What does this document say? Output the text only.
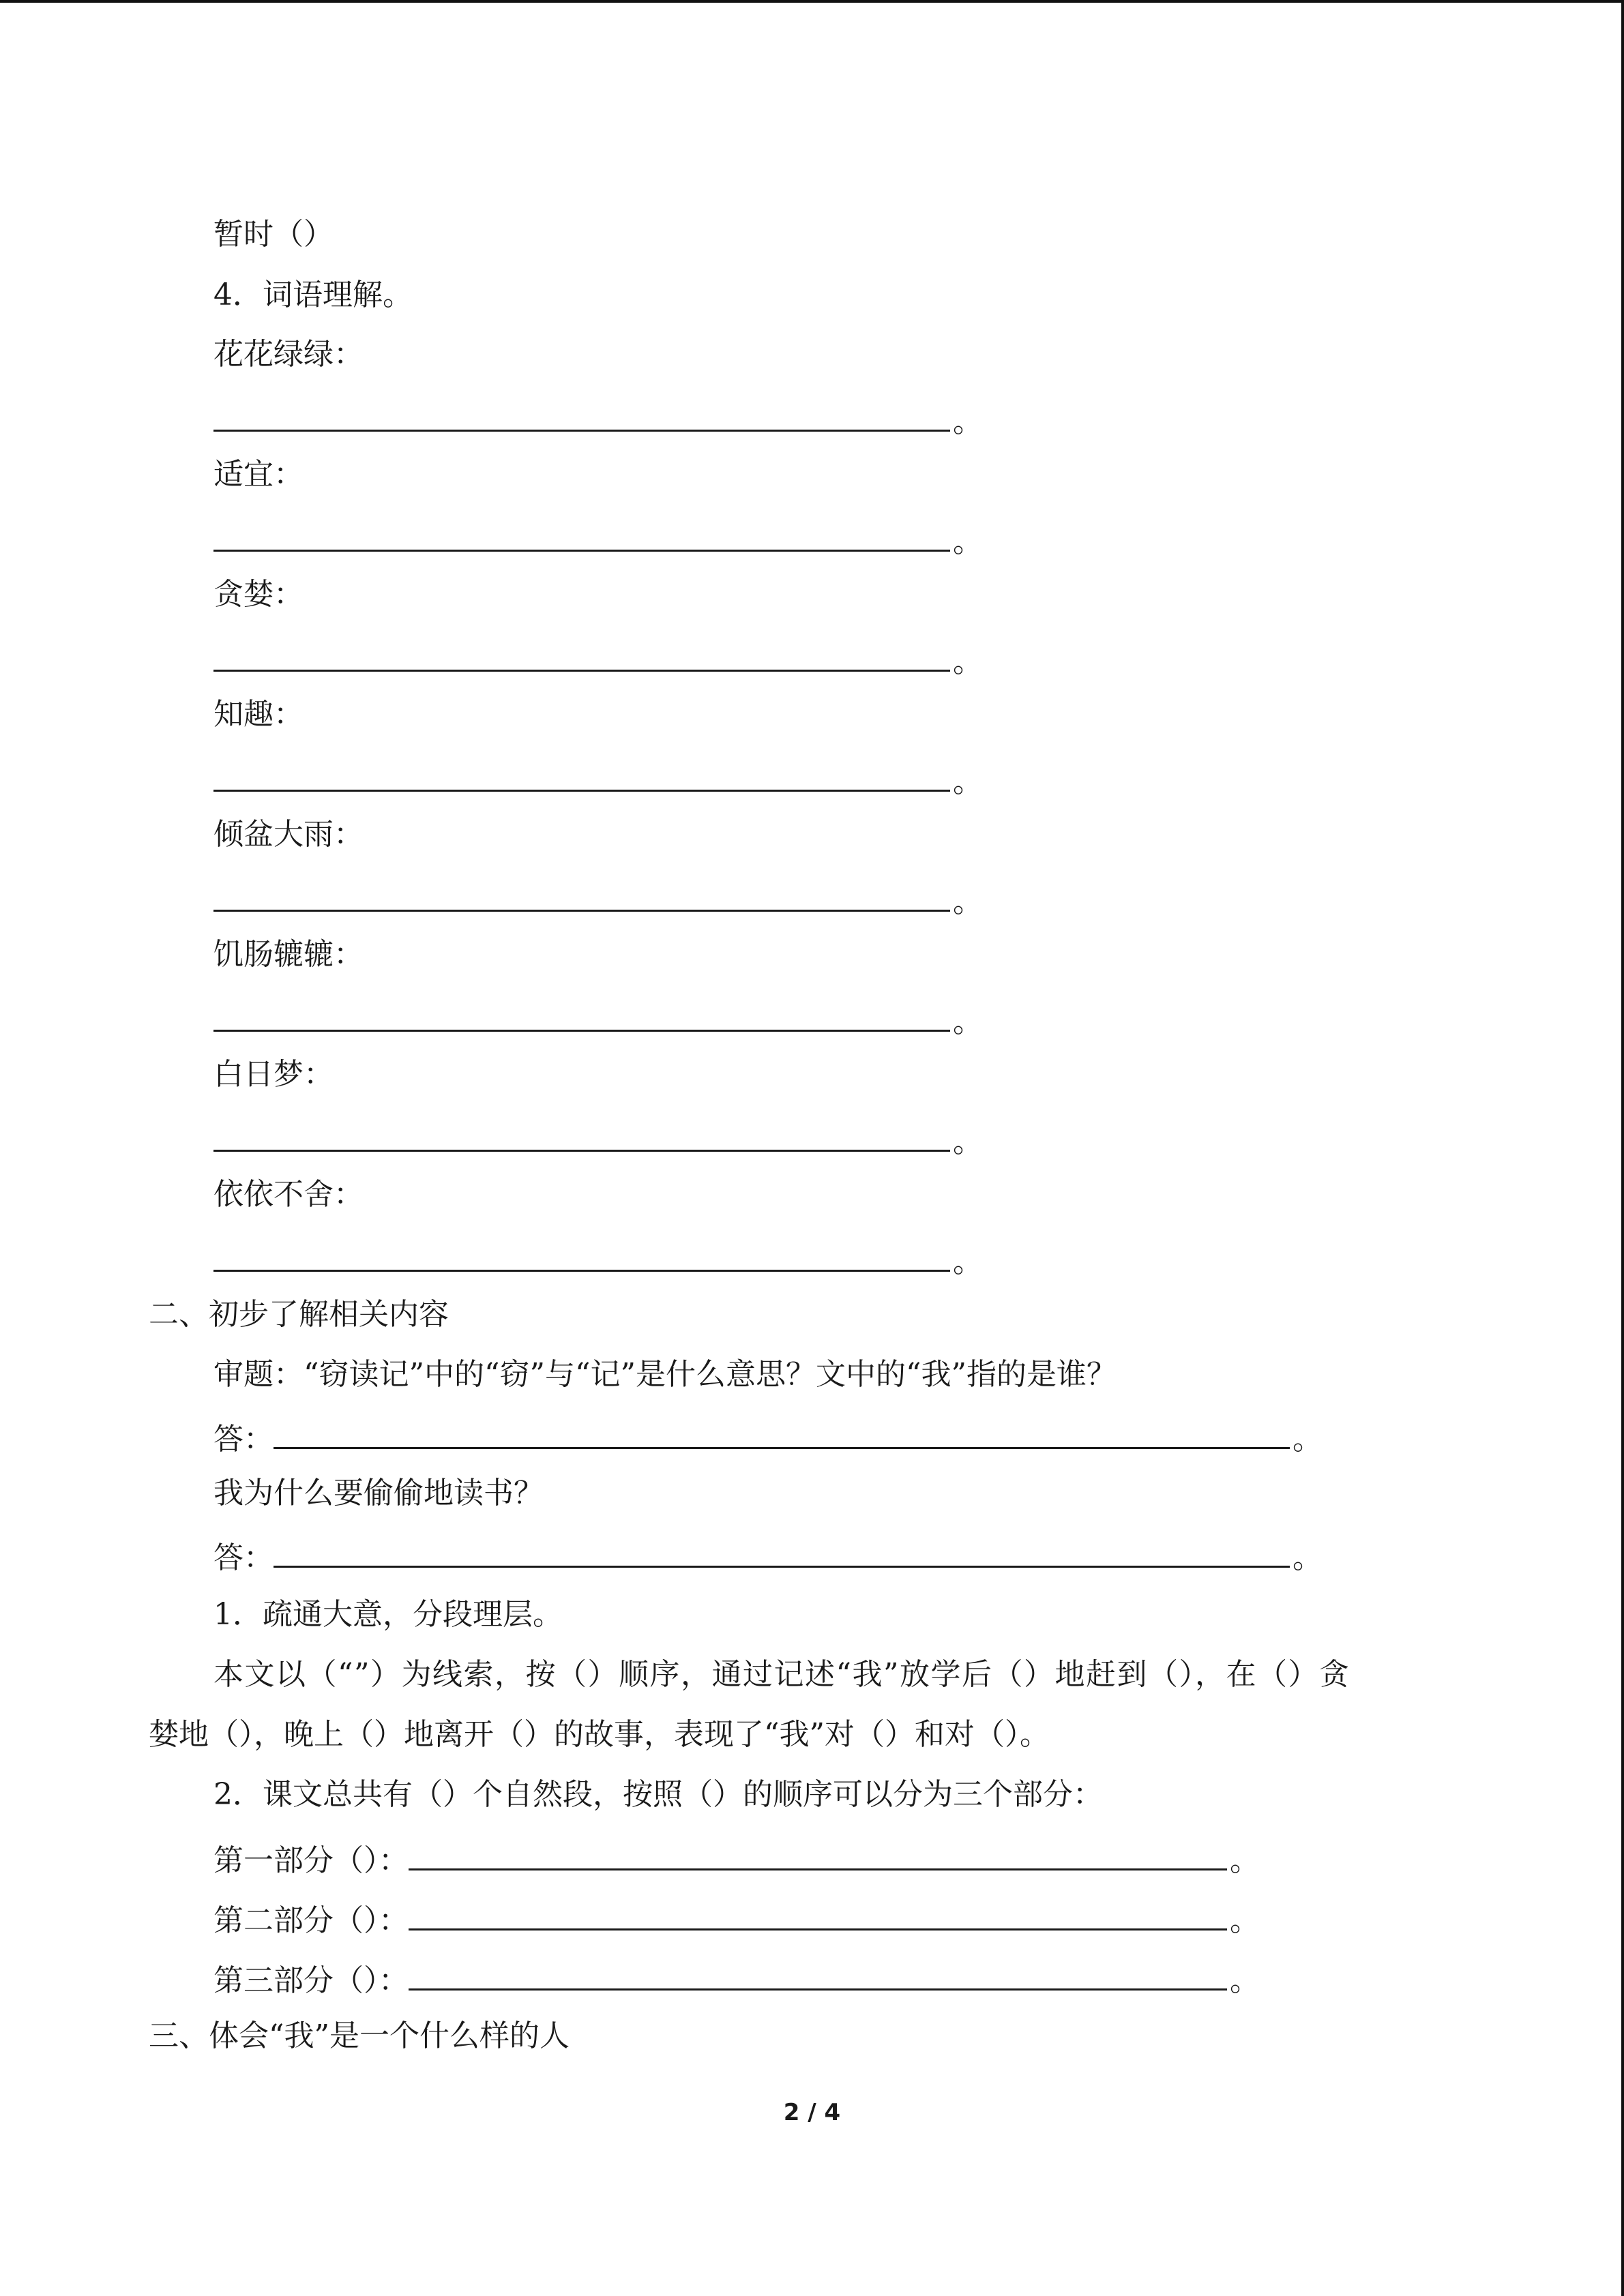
暂时（）
4．词语理解。
花花绿绿：
。
适宜：
。
贪婪：
。
知趣：
。
倾盆大雨：
。
饥肠辘辘：
。
白日梦：
。
依依不舍：
。
二、初步了解相关内容
审题：“窃读记”中的“窃”与“记”是什么意思？文中的“我”指的是谁？
答：	。
我为什么要偷偷地读书？
答：	。
1．疏通大意，分段理层。
本文以（“”）为线索，按（）顺序，通过记述“我”放学后（）地赶到（），在（）贪
婪地（），晚上（）地离开（）的故事，表现了“我”对（）和对（）。
2．课文总共有（）个自然段，按照（）的顺序可以分为三个部分：
第一部分（）：	。
第二部分（）：	。
第三部分（）：	。
三、体会“我”是一个什么样的人
2 / 4
